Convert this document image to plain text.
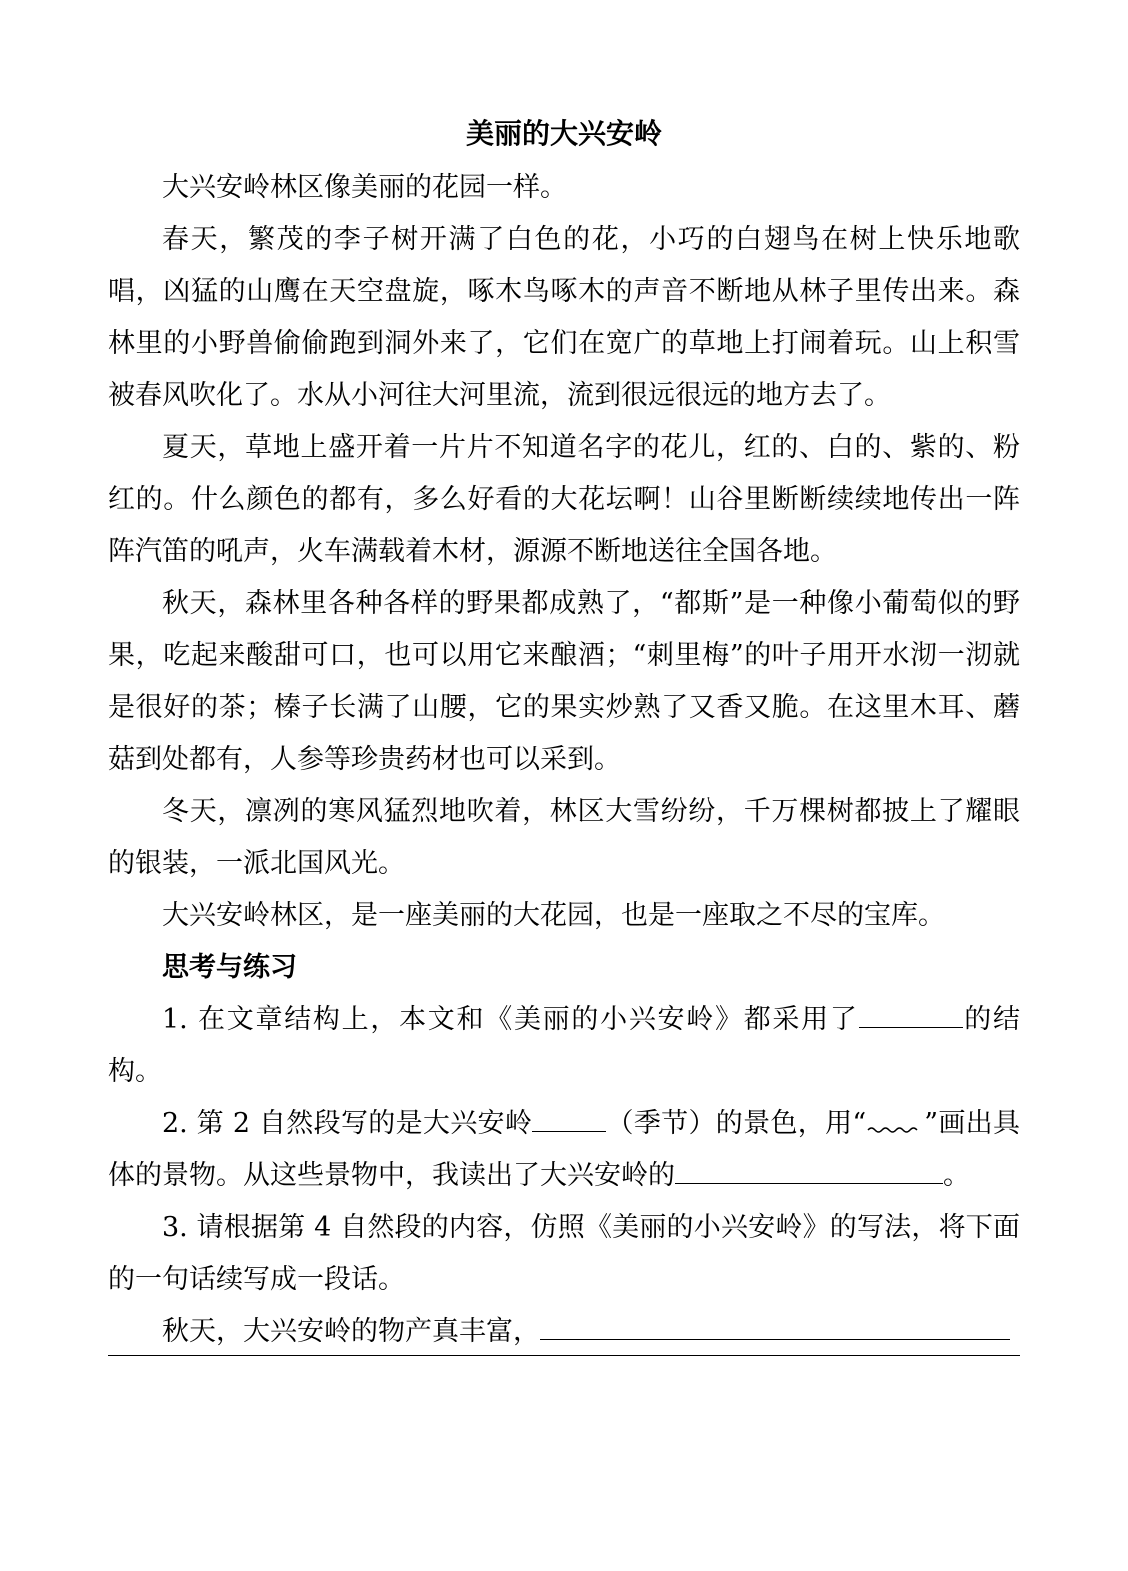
美丽的大兴安岭

大兴安岭林区像美丽的花园一样。

春天，繁茂的李子树开满了白色的花，小巧的白翅鸟在树上快乐地歌唱，凶猛的山鹰在天空盘旋，啄木鸟啄木的声音不断地从林子里传出来。森林里的小野兽偷偷跑到洞外来了，它们在宽广的草地上打闹着玩。山上积雪被春风吹化了。水从小河往大河里流，流到很远很远的地方去了。

夏天，草地上盛开着一片片不知道名字的花儿，红的、白的、紫的、粉红的。什么颜色的都有，多么好看的大花坛啊！山谷里断断续续地传出一阵阵汽笛的吼声，火车满载着木材，源源不断地送往全国各地。

秋天，森林里各种各样的野果都成熟了，“都斯”是一种像小葡萄似的野果，吃起来酸甜可口，也可以用它来酿酒；“刺里梅”的叶子用开水沏一沏就是很好的茶；榛子长满了山腰，它的果实炒熟了又香又脆。在这里木耳、蘑菇到处都有，人参等珍贵药材也可以采到。

冬天，凛冽的寒风猛烈地吹着，林区大雪纷纷，千万棵树都披上了耀眼的银装，一派北国风光。

大兴安岭林区，是一座美丽的大花园，也是一座取之不尽的宝库。

思考与练习

1. 在文章结构上，本文和《美丽的小兴安岭》都采用了	的结构。

2. 第 2 自然段写的是大兴安岭	（季节）的景色，用“ ”画出具体的景物。从这些景物中，我读出了大兴安岭的	。

3. 请根据第 4 自然段的内容，仿照《美丽的小兴安岭》的写法，将下面的一句话续写成一段话。

秋天，大兴安岭的物产真丰富，
